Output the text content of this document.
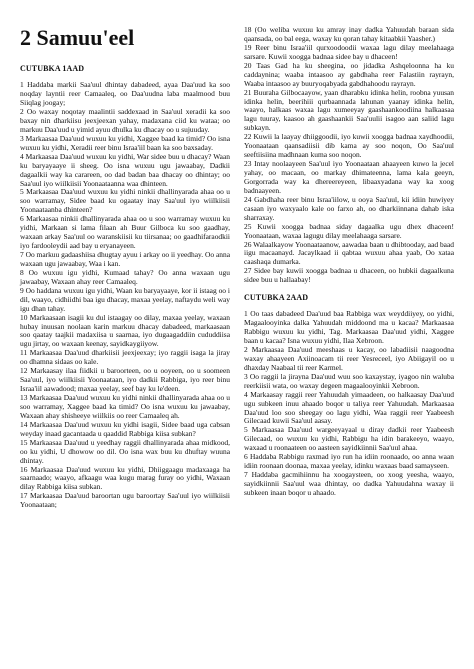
2 Samuu'eel
CUTUBKA 1AAD

1 Haddaba markii Saa'uul dhintay dabadeed, ayaa Daa'uud ka soo noqday layntii reer Camaaleq, oo Daa'uudna laba maalmood buu Siiqlag joogay;

2 Oo waxay noqotay maalintii saddexaad in Saa'uul xeradii ka soo baxay nin dharkiisu jeexjeexan yahay, madaxana ciid ku wataa; oo markuu Daa'uud u yimid ayuu dhulka ku dhacay oo u sujuuday.

3 Markaasaa Daa'uud wuxuu ku yidhi, Xaggee baad ka timid? Oo isna wuxuu ku yidhi, Xeradii reer binu Israa'iil baan ka soo baxsaday.

4 Markaasaa Daa'uud wuxuu ku yidhi, War sidee buu u dhacay? Waan ku baryayaaye ii sheeg. Oo isna wuxuu ugu jawaabay, Dadkii dagaalkii way ka carareen, oo dad badan baa dhacay oo dhintay; oo Saa'uul iyo wiilkiisii Yoonaataanna waa dhinteen.

5 Markaasaa Daa'uud wuxuu ku yidhi ninkii dhallinyarada ahaa oo u soo warramay, Sidee baad ku ogaatay inay Saa'uul iyo wiilkiisii Yoonaataanba dhinteen?

6 Markaasaa ninkii dhallinyarada ahaa oo u soo warramay wuxuu ku yidhi, Markaan si lama filaan ah Buur Gilboca ku soo gaadhay, waxaan arkay Saa'uul oo waranskiisii ku tiirsanaa; oo gaadhifaraodkii iyo fardooleydii aad bay u eryanayeen.

7 Oo markuu gadaashiisa dhugtay ayuu i arkay oo ii yeedhay. Oo anna waxaan ugu jawaabay, Waa i kan.

8 Oo wuxuu igu yidhi, Kumaad tahay? Oo anna waxaan ugu jawaabay, Waxaan ahay reer Camaaleq.

9 Oo haddana wuxuu igu yidhi, Waan ku baryayaaye, kor ii istaag oo i dil, waayo, cidhiidhi baa igu dhacay, maxaa yeelay, naftaydu weli way igu dhan tahay.

10 Markaasaan isagii ku dul istaagay oo dilay, maxaa yeelay, waxaan hubay inuusan noolaan karin markuu dhacay dabadeed, markaasaan soo qaatay taajkii madaxiisa u saarnaa, iyo dugaagaddiin cududdiisa ugu jirtay, oo waxaan keenay, sayidkaygiiyow.

11 Markaasaa Daa'uud dharkiisii jeexjeexay; iyo raggii isaga la jiray oo dhamna sidaas oo kale.

12 Markaasay ilaa fiidkii u baroorteen, oo u ooyeen, oo u soomeen Saa'uul, iyo wiilkiisii Yoonaataan, iyo dadkii Rabbiga, iyo reer binu Israa'iil aawadood; maxaa yeelay, seef bay ku le'deen.

13 Markaasaa Daa'uud wuxuu ku yidhi ninkii dhallinyarada ahaa oo u soo warramay, Xaggee baad ka timid? Oo isna wuxuu ku jawaabay, Waxaan ahay shisheeye wiilkiis oo reer Camaaleq ah.

14 Markaasaa Daa'uud wuxuu ku yidhi isagii, Sidee baad uga cabsan weyday inaad gacantaada u qaaddid Rabbiga kiisa subkan?

15 Markaasaa Daa'uud u yeedhay raggii dhallinyarada ahaa midkood, oo ku yidhi, U dhowow oo dil. Oo isna wax buu ku dhuftay wuuna dhintay.

16 Markaasaa Daa'uud wuxuu ku yidhi, Dhiiggaagu madaxaaga ha saarnaado; waayo, afkaagu waa kugu marag furay oo yidhi, Waxaan dilay Rabbiga kiisa subkan.

17 Markaasaa Daa'uud baroortan ugu baroortay Saa'uul iyo wiilkiisii Yoonaataan;

18 (Oo weliba wuxuu ku amray inay dadka Yahuudah baraan sida qaansada, oo bal eega, waxay ku qoran tahay kitaabkii Yaasher.)

19 Reer binu Israa'iil qurxoodoodii waxaa lagu dilay meelahaaga sarsare. Kuwii xoogga badnaa sidee bay u dhaceen!

20 Taas Gad ha ku sheegina, oo jidadka Ashqeloonna ha ku caddaynina; waaba intaasoo ay gabdhaha reer Falastiin rayrayn, Waaba intaasoo ay buuryoqabyada gabdhahoodu rayrayn.

21 Buuraha Gilbocaayow, yaan dharabku idinka helin, roobna yuusan idinka helin, beerihiii qurbaannada lahunan yaanay idinka helin, waayo, halkaas waxaa lagu xumeeyay gaashaankoodiina halkaasaa lagu tuuray, kaasoo ah gaashaankii Saa'uulii isagoo aan saliid lagu subkayn.

22 Kuwii la laayay dhiiggoodii, iyo kuwii xoogga badnaa xaydhoodii, Yoonaataan qaansadiisii dib kama ay soo noqon, Oo Saa'uul seeftiisiina madhnaan kuma soo noqon.

23 Intay noolaayeen Saa'uul iyo Yoonaataan ahaayeen kuwo la jecel yahay, oo macaan, oo markay dhimateenna, lama kala geeyn, Gorgorrada way ka dhereereyeen, libaaxyadana way ka xoog badnaayeen.

24 Gabdhaha reer binu Israa'iilow, u ooya Saa'uul, kii idiin huwiyey casaan iyo waxyaalo kale oo farxo ah, oo dharkiinnana dahab iska sharraxay.

25 Kuwii xoogga badnaa siday dagaalka ugu dhex dhaceen! Yoonaataan, waxaa lagugu dilay meelahaaga sarsare.

26 Walaalkayow Yoonaataanow, aawadaa baan u dhibtooday, aad baad iigu macaanayd. Jacaylkaad ii qabtaa wuxuu ahaa yaab, Oo xataa caashaqa dumarka.

27 Sidee bay kuwii xoogga badnaa u dhaceen, oo hubkii dagaalkuna sidee buu u hallaabay!

CUTUBKA 2AAD

1 Oo taas dabadeed Daa'uud baa Rabbiga wax weyddiiyey, oo yidhi, Magaalooyinka dalka Yahuudah middoond ma u kacaa? Markaasaa Rabbigu wuxuu ku yidhi, Tag. Markaasaa Daa'uud yidhi, Xaggee baan u kacaa? Isna wuxuu yidhi, Ilaa Xebroon.

2 Markaasaa Daa'uud meeshaas u kacay, oo labadiisii naagoodna waxay ahaayeen Axiinoacam tii reer Yesreceel, iyo Abiigayil oo u dhaxday Naabaal tii reer Karmel.

3 Oo raggii la jirayna Daa'uud wuu soo kaxaystay, iyagoo nin waluba reerkiisii wata, oo waxay degeen magaalooyinkii Xebroon.

4 Markaasay raggii reer Yahuudah yimaadeen, oo halkaasay Daa'uud ugu subkeen inuu ahaado boqor u taliya reer Yahuudah. Markaasaa Daa'uud loo soo sheegay oo lagu yidhi, Waa raggii reer Yaabeesh Gilecaad kuwii Saa'uul aasay.

5 Markaasaa Daa'uud wargeeyayaal u diray dadkii reer Yaabeesh Gilecaad, oo wuxuu ku yidhi, Rabbigu ha idin barakeeyo, waayo, waxaad u roonaateen oo aasteen sayidkiinnii Saa'uul ahaa.

6 Haddaba Rabbigu raxmad iyo run ha idiin roonaado, oo anna waan idiin roonaan doonaa, maxaa yeelay, idinku waxaas baad samayseen.

7 Haddaba gacmihiinnu ha xoogaysteen, oo xoog yeesha, waayo, sayidkiinnii Saa'uul waa dhintay, oo dadka Yahuudahna waxay ii subkeen inaan boqor u ahaado.
